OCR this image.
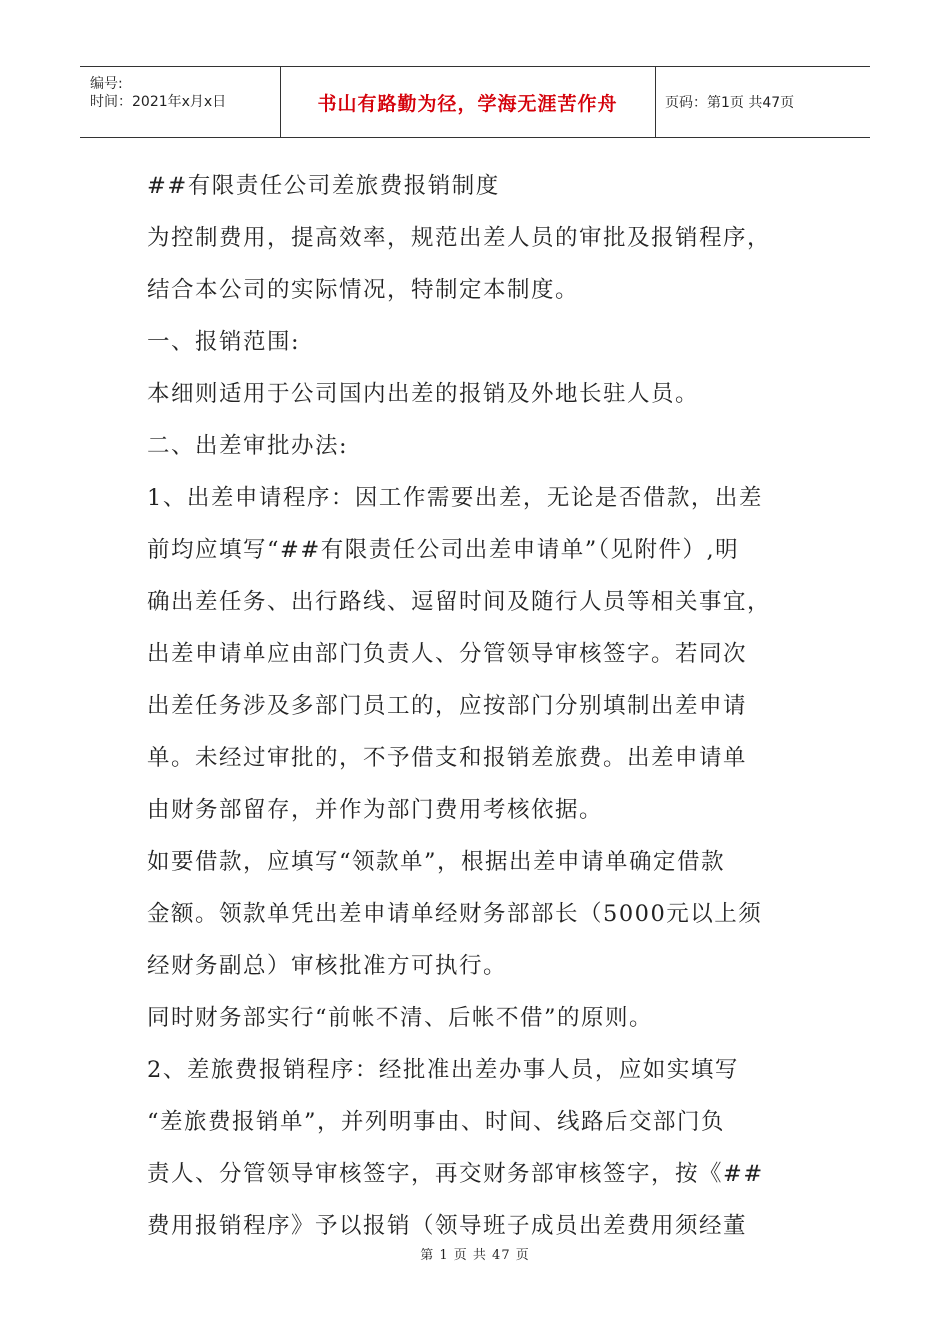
编号:
时间：2021年x月x日	书山有路勤为径，学海无涯苦作舟	页码：第1页 共47页
##有限责任公司差旅费报销制度
为控制费用，提高效率，规范出差人员的审批及报销程序，
结合本公司的实际情况，特制定本制度。
一、报销范围:
本细则适用于公司国内出差的报销及外地长驻人员。
二、出差审批办法:
1、出差申请程序：因工作需要出差，无论是否借款，出差
前均应填写“##有限责任公司出差申请单”（见附件）,明
确出差任务、出行路线、逗留时间及随行人员等相关事宜，
出差申请单应由部门负责人、分管领导审核签字。若同次
出差任务涉及多部门员工的，应按部门分别填制出差申请
单。未经过审批的，不予借支和报销差旅费。出差申请单
由财务部留存，并作为部门费用考核依据。
如要借款，应填写“领款单”，根据出差申请单确定借款
金额。领款单凭出差申请单经财务部部长（5000元以上须
经财务副总）审核批准方可执行。
同时财务部实行“前帐不清、后帐不借”的原则。
2、差旅费报销程序：经批准出差办事人员，应如实填写
“差旅费报销单”，并列明事由、时间、线路后交部门负
责人、分管领导审核签字，再交财务部审核签字，按《##
费用报销程序》予以报销（领导班子成员出差费用须经董
第 1 页 共 47 页
